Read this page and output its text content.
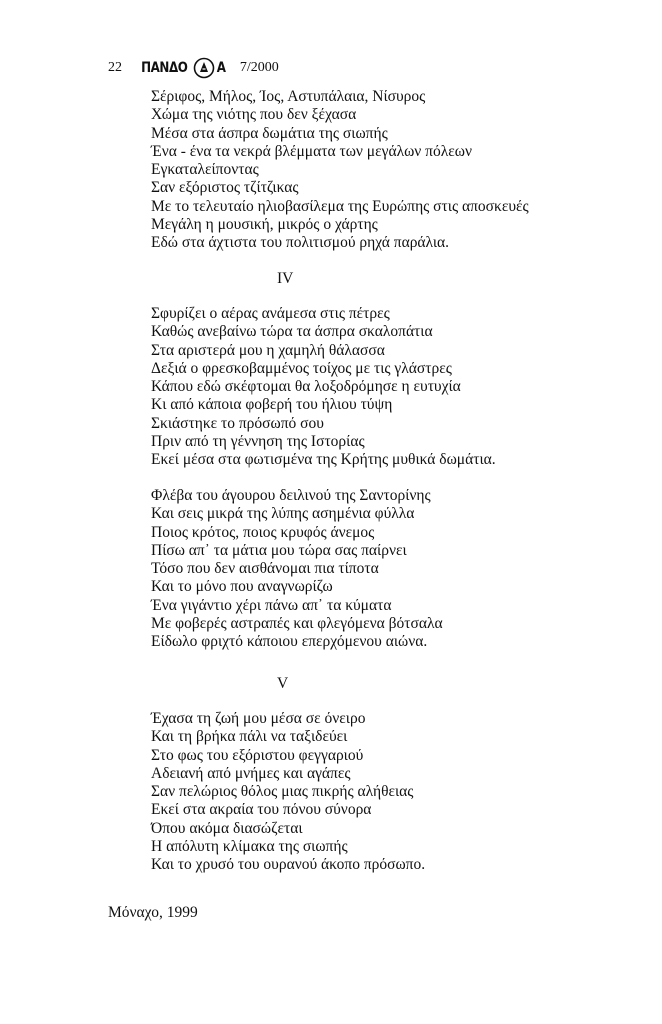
22 ΠΑΝΔΟ Α 7/2000
Σέριφος, Μήλος, Ίος, Αστυπάλαια, Νίσυρος
Χώμα της νιότης που δεν ξέχασα
Μέσα στα άσπρα δωμάτια της σιωπής
Ένα - ένα τα νεκρά βλέμματα των μεγάλων πόλεων
Εγκαταλείποντας
Σαν εξόριστος τζίτζικας
Με το τελευταίο ηλιοβασίλεμα της Ευρώπης στις αποσκευές
Μεγάλη η μουσική, μικρός ο χάρτης
Εδώ στα άχτιστα του πολιτισμού ρηχά παράλια.
IV
Σφυρίζει ο αέρας ανάμεσα στις πέτρες
Καθώς ανεβαίνω τώρα τα άσπρα σκαλοπάτια
Στα αριστερά μου η χαμηλή θάλασσα
Δεξιά ο φρεσκοβαμμένος τοίχος με τις γλάστρες
Κάπου εδώ σκέφτομαι θα λοξοδρόμησε η ευτυχία
Κι από κάποια φοβερή του ήλιου τύψη
Σκιάστηκε το πρόσωπό σου
Πριν από τη γέννηση της Ιστορίας
Εκεί μέσα στα φωτισμένα της Κρήτης μυθικά δωμάτια.
Φλέβα του άγουρου δειλινού της Σαντορίνης
Και σεις μικρά της λύπης ασημένια φύλλα
Ποιος κρότος, ποιος κρυφός άνεμος
Πίσω απ᾽ τα μάτια μου τώρα σας παίρνει
Τόσο που δεν αισθάνομαι πια τίποτα
Και το μόνο που αναγνωρίζω
Ένα γιγάντιο χέρι πάνω απ᾽ τα κύματα
Με φοβερές αστραπές και φλεγόμενα βότσαλα
Είδωλο φριχτό κάποιου επερχόμενου αιώνα.
V
Έχασα τη ζωή μου μέσα σε όνειρο
Και τη βρήκα πάλι να ταξιδεύει
Στο φως του εξόριστου φεγγαριού
Αδειανή από μνήμες και αγάπες
Σαν πελώριος θόλος μιας πικρής αλήθειας
Εκεί στα ακραία του πόνου σύνορα
Όπου ακόμα διασώζεται
Η απόλυτη κλίμακα της σιωπής
Και το χρυσό του ουρανού άκοπο πρόσωπο.
Μόναχο, 1999
